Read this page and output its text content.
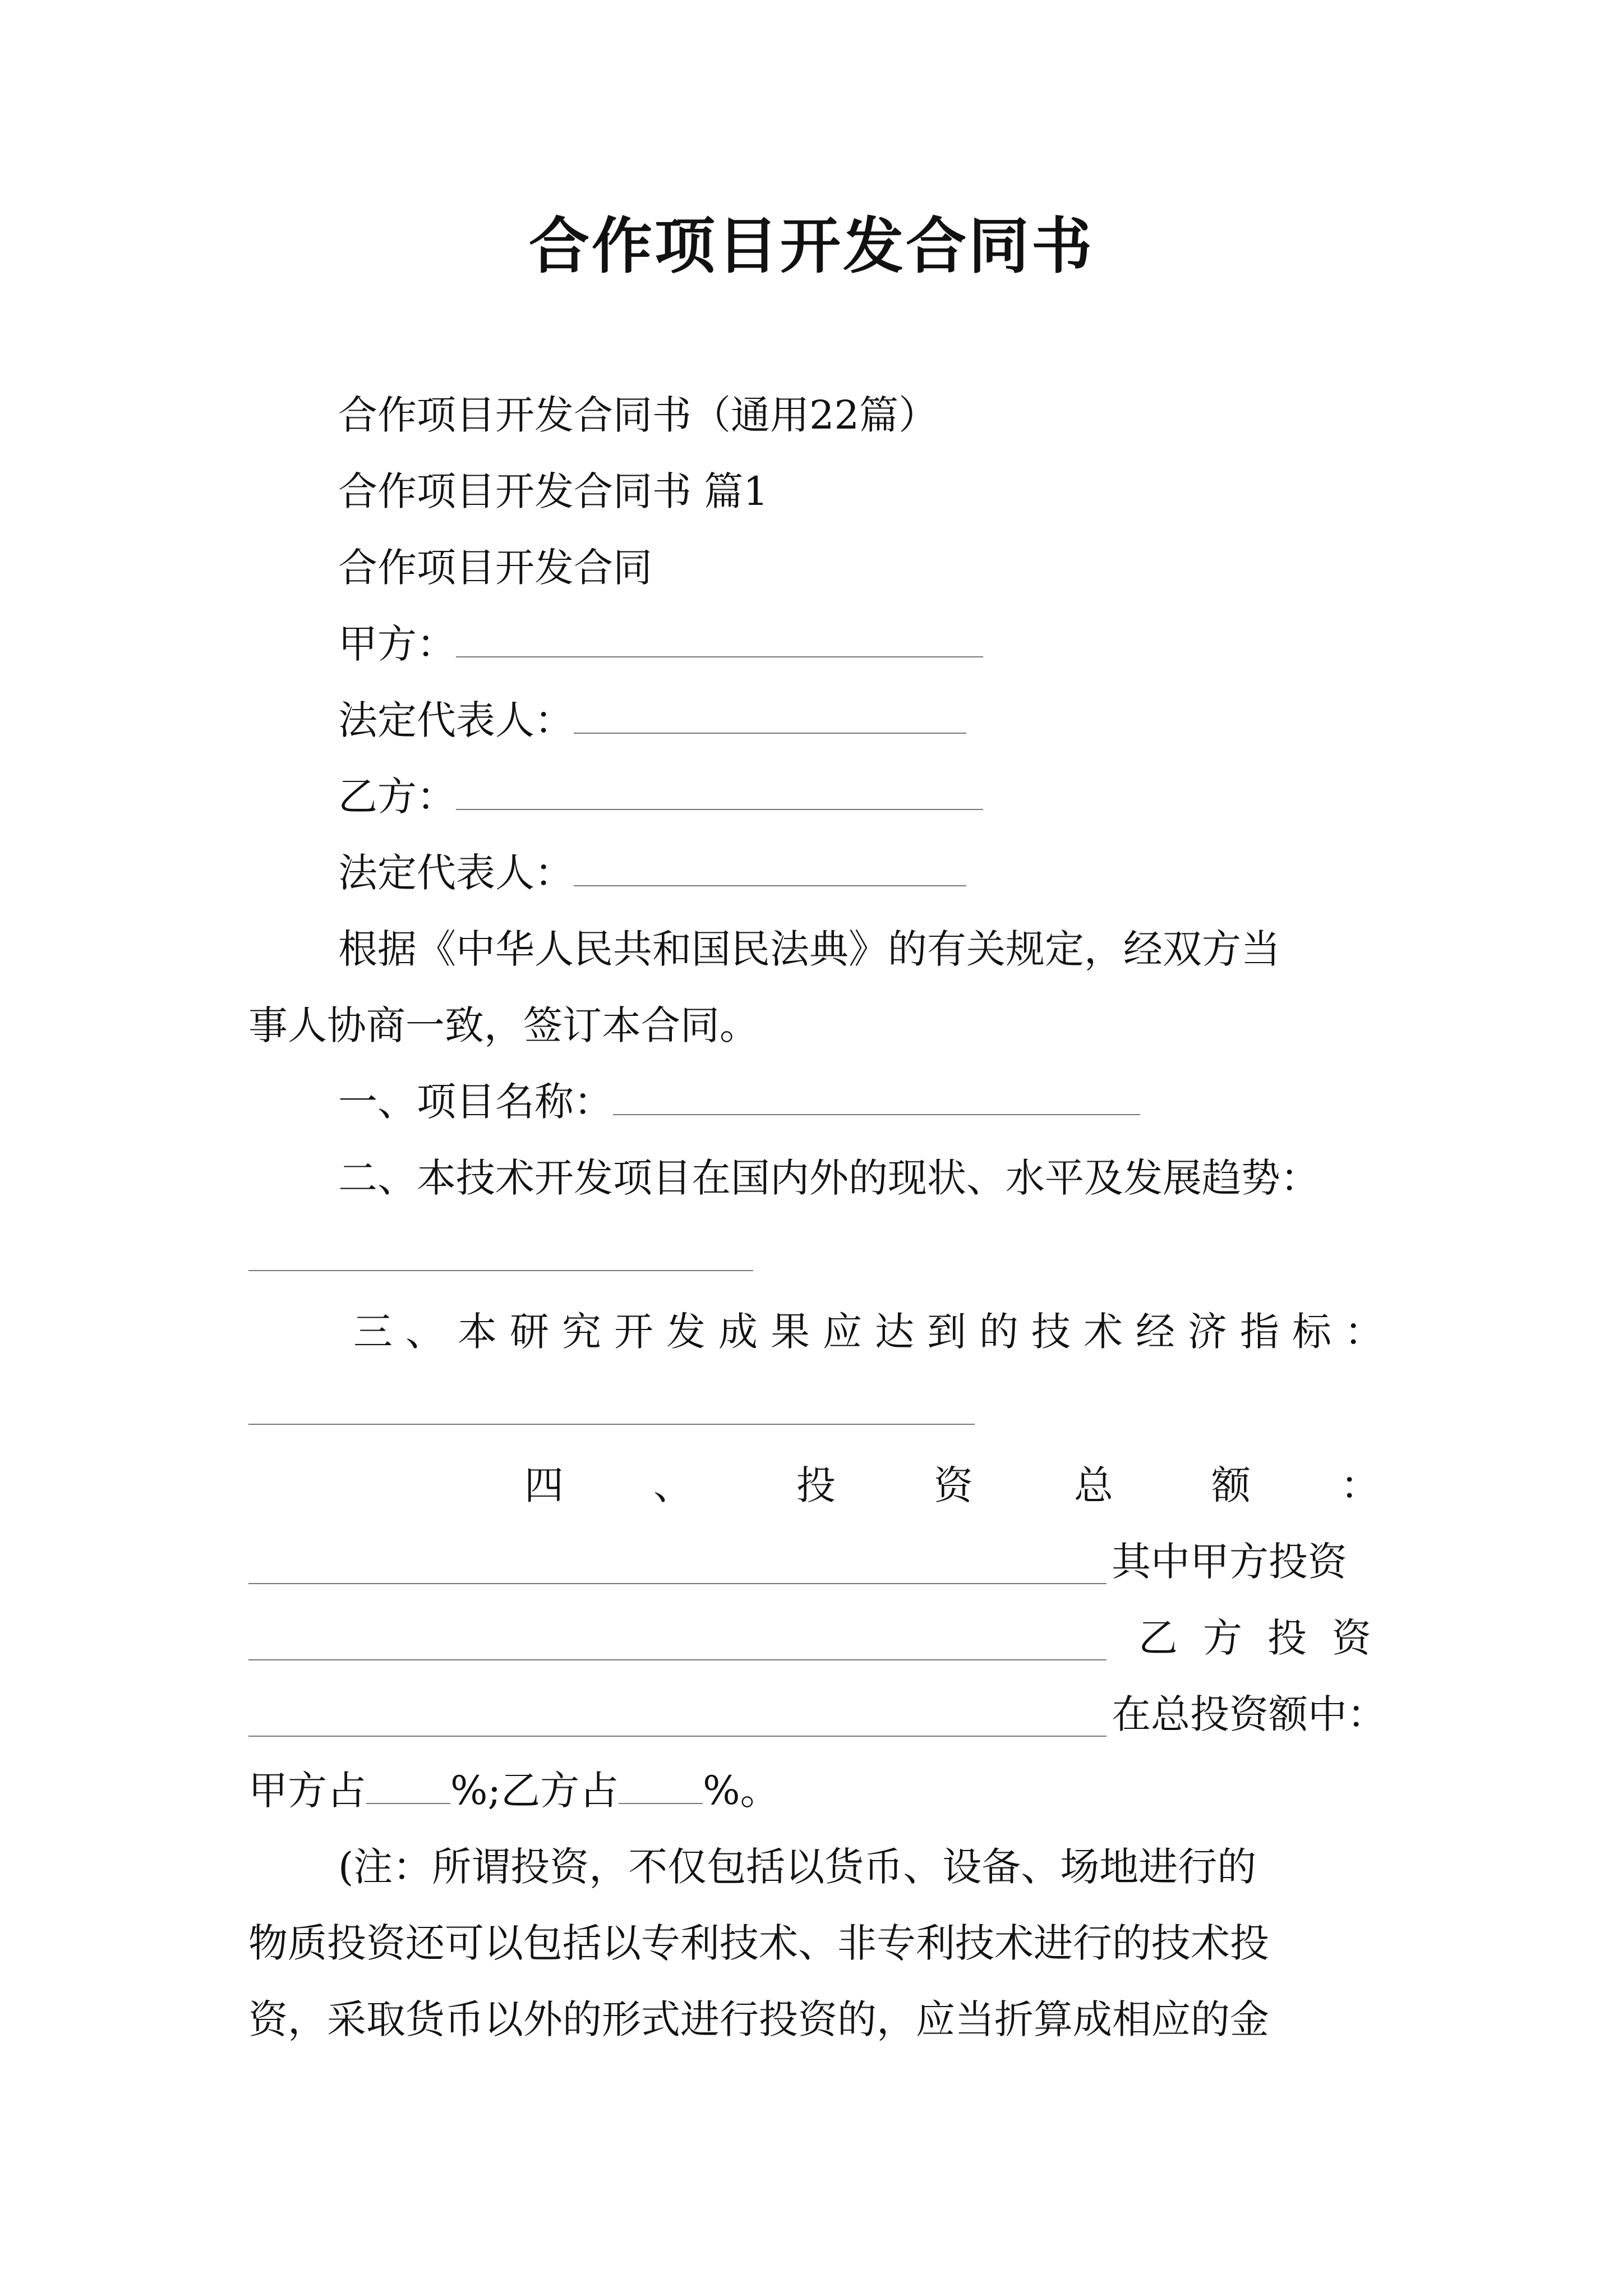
合作项目开发合同书
合作项目开发合同书（通用22篇）
合作项目开发合同书 篇1
合作项目开发合同
甲方：
法定代表人：
乙方：
法定代表人：
根据《中华人民共和国民法典》的有关规定，经双方当
事人协商一致，签订本合同。
一、项目名称：
二、本技术开发项目在国内外的现状、水平及发展趋势：
三、本研究开发成果应达到的技术经济指标：
四 、	投	资	总	额 ：
其中甲方投资
乙 方 投 资
在总投资额中：
甲方占 %;乙方占 %。
(注：所谓投资，不仅包括以货币、设备、场地进行的
物质投资还可以包括以专利技术、非专利技术进行的技术投
资，采取货币以外的形式进行投资的，应当折算成相应的金
